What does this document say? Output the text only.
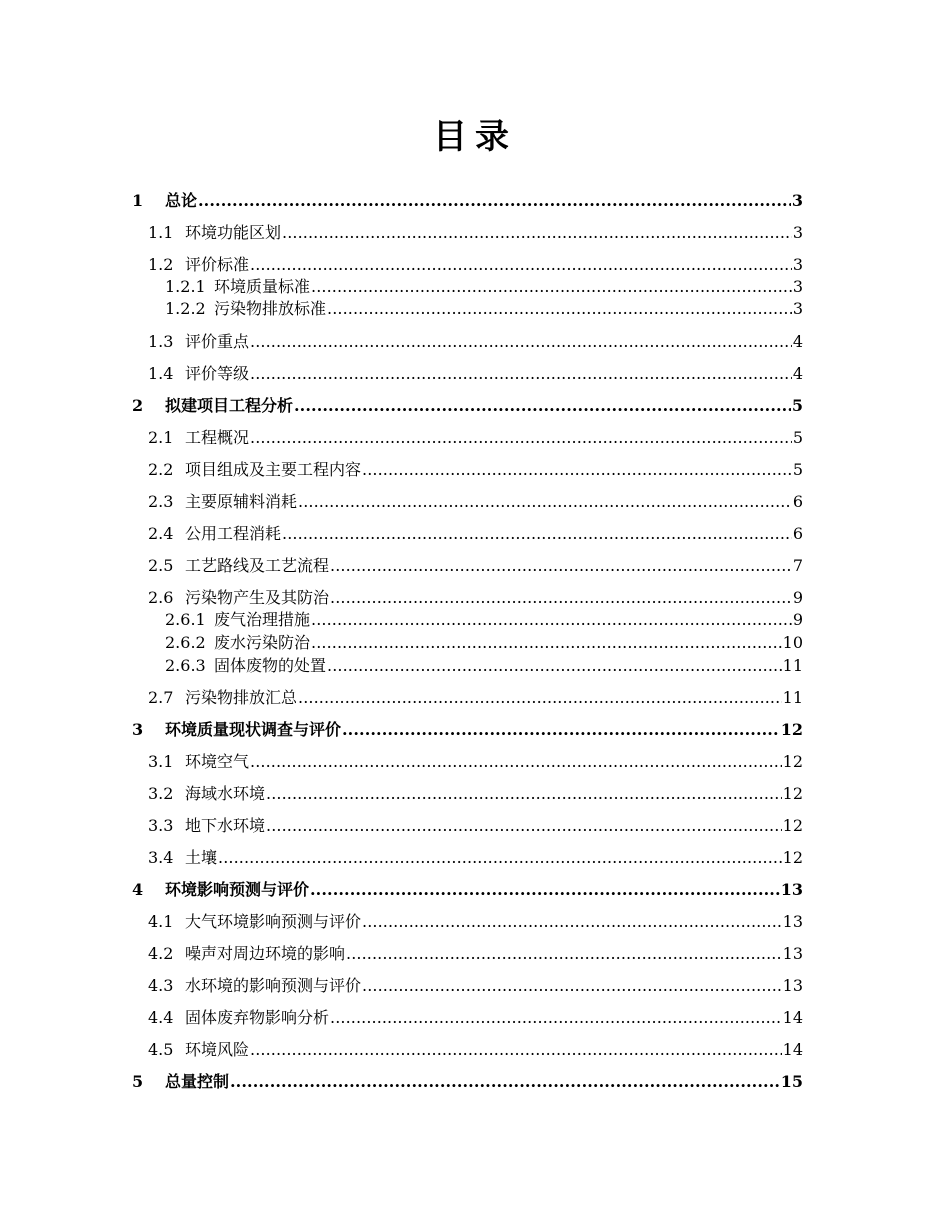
目录
1	总论 .....	3
1.1 环境功能区划 .....	3
1.2 评价标准 .....	3
1.2.1 环境质量标准 .....	3
1.2.2 污染物排放标准 .....	3
1.3 评价重点 .....	4
1.4 评价等级 .....	4
2	拟建项目工程分析 .....	5
2.1 工程概况 .....	5
2.2 项目组成及主要工程内容 .....	5
2.3 主要原辅料消耗 .....	6
2.4 公用工程消耗 .....	6
2.5 工艺路线及工艺流程 .....	7
2.6 污染物产生及其防治 .....	9
2.6.1 废气治理措施 .....	9
2.6.2 废水污染防治 .....	10
2.6.3 固体废物的处置 .....	11
2.7 污染物排放汇总 .....	11
3	环境质量现状调查与评价 .....	12
3.1 环境空气 .....	12
3.2 海域水环境 .....	12
3.3 地下水环境 .....	12
3.4 土壤 .....	12
4	环境影响预测与评价 .....	13
4.1 大气环境影响预测与评价 .....	13
4.2 噪声对周边环境的影响 .....	13
4.3 水环境的影响预测与评价 .....	13
4.4 固体废弃物影响分析 .....	14
4.5 环境风险 .....	14
5	总量控制 .....	15
